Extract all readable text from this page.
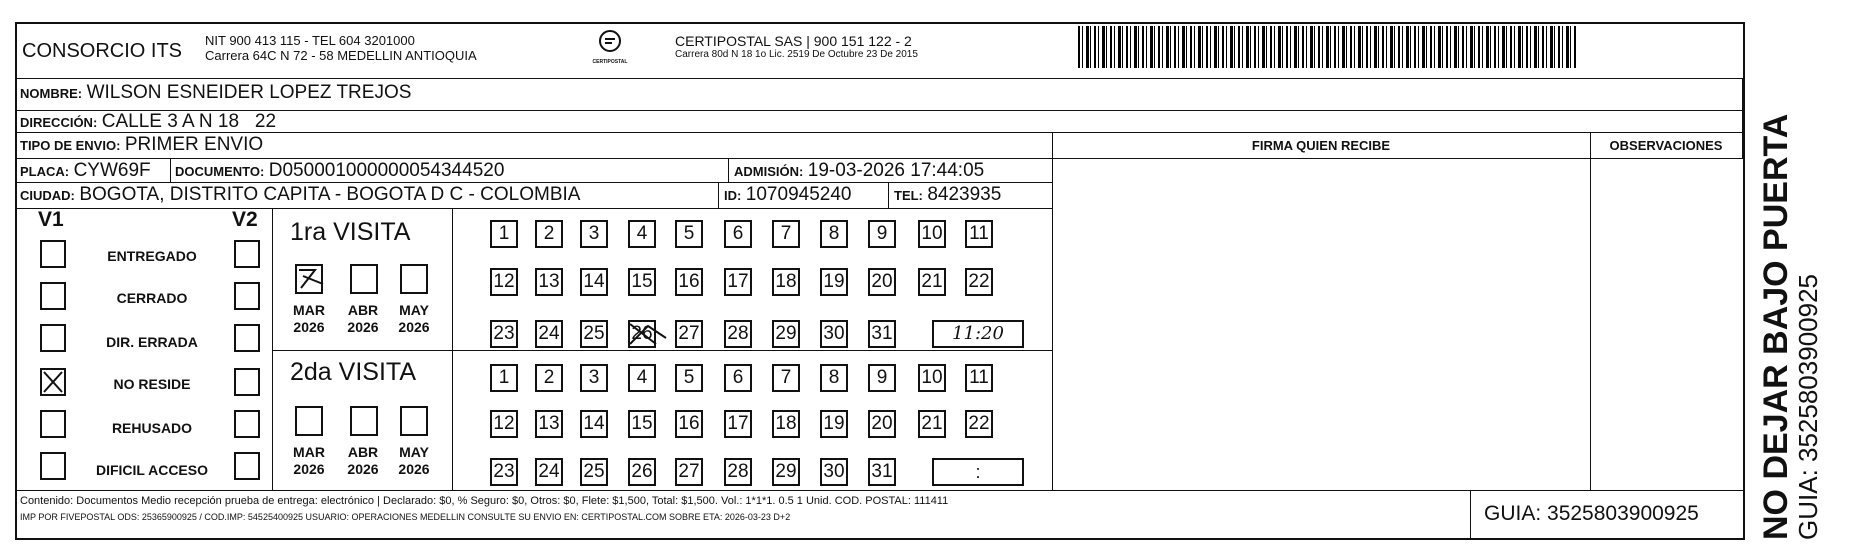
CONSORCIO ITS NIT 900 413 115 - TEL 604 3201000
Carrera 64C N 72 - 58 MEDELLIN ANTIOQUIA	CERTIPOSTAL
CERTIPOSTAL SAS | 900 151 122 - 2
Carrera 80d N 18 1o Lic. 2519 De Octubre 23 De 2015
NOMBRE: WILSON ESNEIDER LOPEZ TREJOS
DIRECCIÓN: CALLE 3 A N 18   22
TIPO DE ENVIO: PRIMER ENVIO	FIRMA QUIEN RECIBE	OBSERVACIONES
PLACA: CYW69F DOCUMENTO: D050001000000054344520	ADMISIÓN: 19-03-2026 17:44:05
CIUDAD: BOGOTA, DISTRITO CAPITA - BOGOTA D C - COLOMBIA	ID: 1070945240	TEL: 8423935
V1	V2
ENTREGADO
CERRADO
DIR. ERRADA
NO RESIDE
REHUSADO
DIFICIL ACCESO
1ra VISITA
MAR
2026
ABR
2026
MAY
2026
2da VISITA
MAR
2026
ABR
2026
MAY
2026
1	2	3	4	5	6	7	8	9	10 11
12 13 14 15 16 17 18 19 20 21 22
23 24 25 26 27 28 29 30 31
1	2	3	4	5	6	7	8	9	10 11
12 13 14 15 16 17 18 19 20 21 22
23 24 25 26 27 28 29 30 31
11:20
:
Contenido: Documentos Medio recepción prueba de entrega: electrónico | Declarado: $0, % Seguro: $0, Otros: $0, Flete: $1,500, Total: $1,500. Vol.: 1*1*1. 0.5 1 Unid. COD. POSTAL: 111411
IMP POR FIVEPOSTAL ODS: 25365900925 / COD.IMP: 54525400925 USUARIO: OPERACIONES MEDELLIN CONSULTE SU ENVIO EN: CERTIPOSTAL.COM SOBRE ETA: 2026-03-23 D+2	GUIA: 3525803900925 NO DEJAR BAJO PUERTA
GUIA: 3525803900925
